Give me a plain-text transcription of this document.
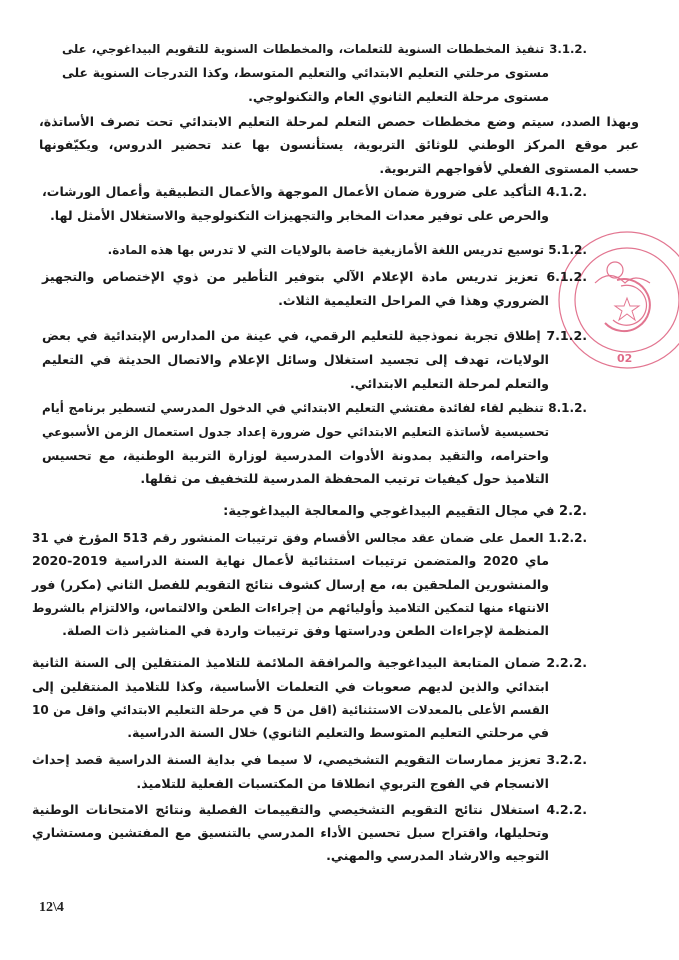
02
3.1.2. تنفيذ المخططات السنوية للتعلمات، والمخططات السنوية للتقويم البيداغوجي، على
مستوى مرحلتي التعليم الابتدائي والتعليم المتوسط، وكذا التدرجات السنوية على
مستوى مرحلة التعليم الثانوي العام والتكنولوجي.
وبهذا الصدد، سيتم وضع مخططات حصص التعلم لمرحلة التعليم الابتدائي تحت تصرف الأساتذة،
عبر موقع المركز الوطني للوثائق التربوية، يستأنسون بها عند تحضير الدروس، ويكيّفونها
حسب المستوى الفعلي لأفواجهم التربوية.
4.1.2. التأكيد على ضرورة ضمان الأعمال الموجهة والأعمال التطبيقية وأعمال الورشات،
والحرص على توفير معدات المخابر والتجهيزات التكنولوجية والاستغلال الأمثل لها.
5.1.2. توسيع تدريس اللغة الأمازيغية خاصة بالولايات التي لا تدرس بها هذه المادة.
6.1.2. تعزيز تدريس مادة الإعلام الآلي بتوفير التأطير من ذوي الإختصاص والتجهيز
الضروري وهذا في المراحل التعليمية الثلاث.
7.1.2. إطلاق تجربة نموذجية للتعليم الرقمي، في عينة من المدارس الإبتدائية في بعض
الولايات، تهدف إلى تجسيد استغلال وسائل الإعلام والاتصال الحديثة في التعليم
والتعلم لمرحلة التعليم الابتدائي.
8.1.2. تنظيم لقاء لفائدة مفتشي التعليم الابتدائي في الدخول المدرسي لتسطير برنامج أيام
تحسيسية لأساتذة التعليم الابتدائي حول ضرورة إعداد جدول استعمال الزمن الأسبوعي
واحترامه، والتقيد بمدونة الأدوات المدرسية لوزارة التربية الوطنية، مع تحسيس
التلاميذ حول كيفيات ترتيب المحفظة المدرسية للتخفيف من ثقلها.
2.2. في مجال التقييم البيداغوجي والمعالجة البيداغوجية:
1.2.2. العمل على ضمان عقد مجالس الأقسام وفق ترتيبات المنشور رقم 513 المؤرخ في 31
ماي 2020 والمتضمن ترتيبات استثنائية لأعمال نهاية السنة الدراسية 2019-2020
والمنشورين الملحقين به، مع إرسال كشوف نتائج التقويم للفصل الثاني (مكرر) فور
الانتهاء منها لتمكين التلاميذ وأوليائهم من إجراءات الطعن والالتماس، والالتزام بالشروط
المنظمة لإجراءات الطعن ودراستها وفق ترتيبات واردة في المناشير ذات الصلة.
2.2.2. ضمان المتابعة البيداغوجية والمرافقة الملائمة للتلاميذ المنتقلين إلى السنة الثانية
ابتدائي والذين لديهم صعوبات في التعلمات الأساسية، وكذا للتلاميذ المنتقلين إلى
القسم الأعلى بالمعدلات الاستثنائية (اقل من 5 في مرحلة التعليم الابتدائي واقل من 10
في مرحلتي التعليم المتوسط والتعليم الثانوي) خلال السنة الدراسية.
3.2.2. تعزيز ممارسات التقويم التشخيصي، لا سيما في بداية السنة الدراسية قصد إحداث
الانسجام في الفوج التربوي انطلاقا من المكتسبات الفعلية للتلاميذ.
4.2.2. استغلال نتائج التقويم التشخيصي والتقييمات الفصلية ونتائج الامتحانات الوطنية
وتحليلها، واقتراح سبل تحسين الأداء المدرسي بالتنسيق مع المفتشين ومستشاري
التوجيه والارشاد المدرسي والمهني.
12\4
